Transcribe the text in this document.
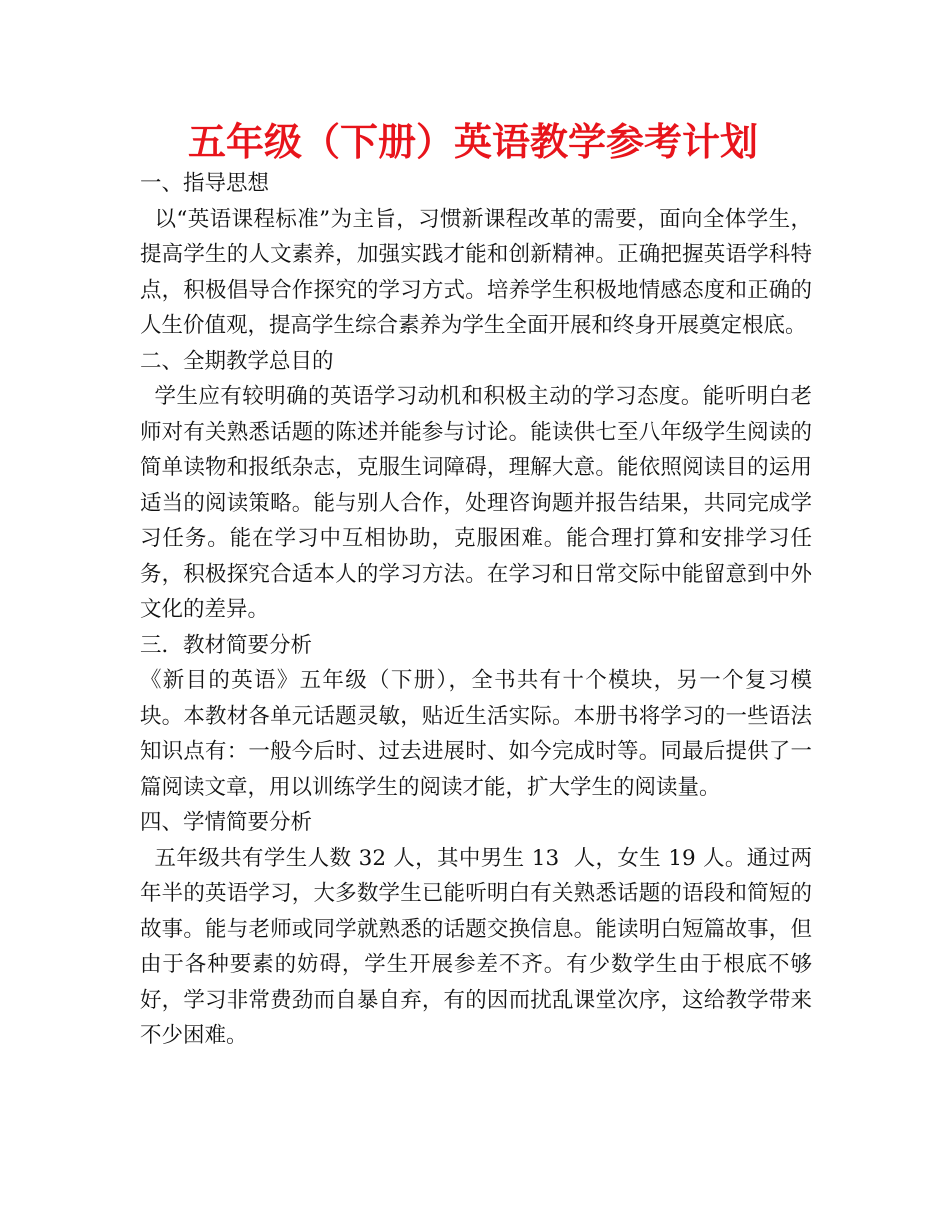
五年级（下册）英语教学参考计划

一、指导思想

以“英语课程标准”为主旨，习惯新课程改革的需要，面向全体学生，提高学生的人文素养，加强实践才能和创新精神。正确把握英语学科特点，积极倡导合作探究的学习方式。培养学生积极地情感态度和正确的人生价值观，提高学生综合素养为学生全面开展和终身开展奠定根底。

二、全期教学总目的

学生应有较明确的英语学习动机和积极主动的学习态度。能听明白老师对有关熟悉话题的陈述并能参与讨论。能读供七至八年级学生阅读的简单读物和报纸杂志，克服生词障碍，理解大意。能依照阅读目的运用适当的阅读策略。能与别人合作，处理咨询题并报告结果，共同完成学习任务。能在学习中互相协助，克服困难。能合理打算和安排学习任务，积极探究合适本人的学习方法。在学习和日常交际中能留意到中外文化的差异。

三．教材简要分析

《新目的英语》五年级（下册），全书共有十个模块，另一个复习模块。本教材各单元话题灵敏，贴近生活实际。本册书将学习的一些语法知识点有：一般今后时、过去进展时、如今完成时等。同最后提供了一篇阅读文章，用以训练学生的阅读才能，扩大学生的阅读量。

四、学情简要分析

五年级共有学生人数 32 人，其中男生 13  人，女生 19 人。通过两年半的英语学习，大多数学生已能听明白有关熟悉话题的语段和简短的故事。能与老师或同学就熟悉的话题交换信息。能读明白短篇故事，但由于各种要素的妨碍，学生开展参差不齐。有少数学生由于根底不够好，学习非常费劲而自暴自弃，有的因而扰乱课堂次序，这给教学带来不少困难。
